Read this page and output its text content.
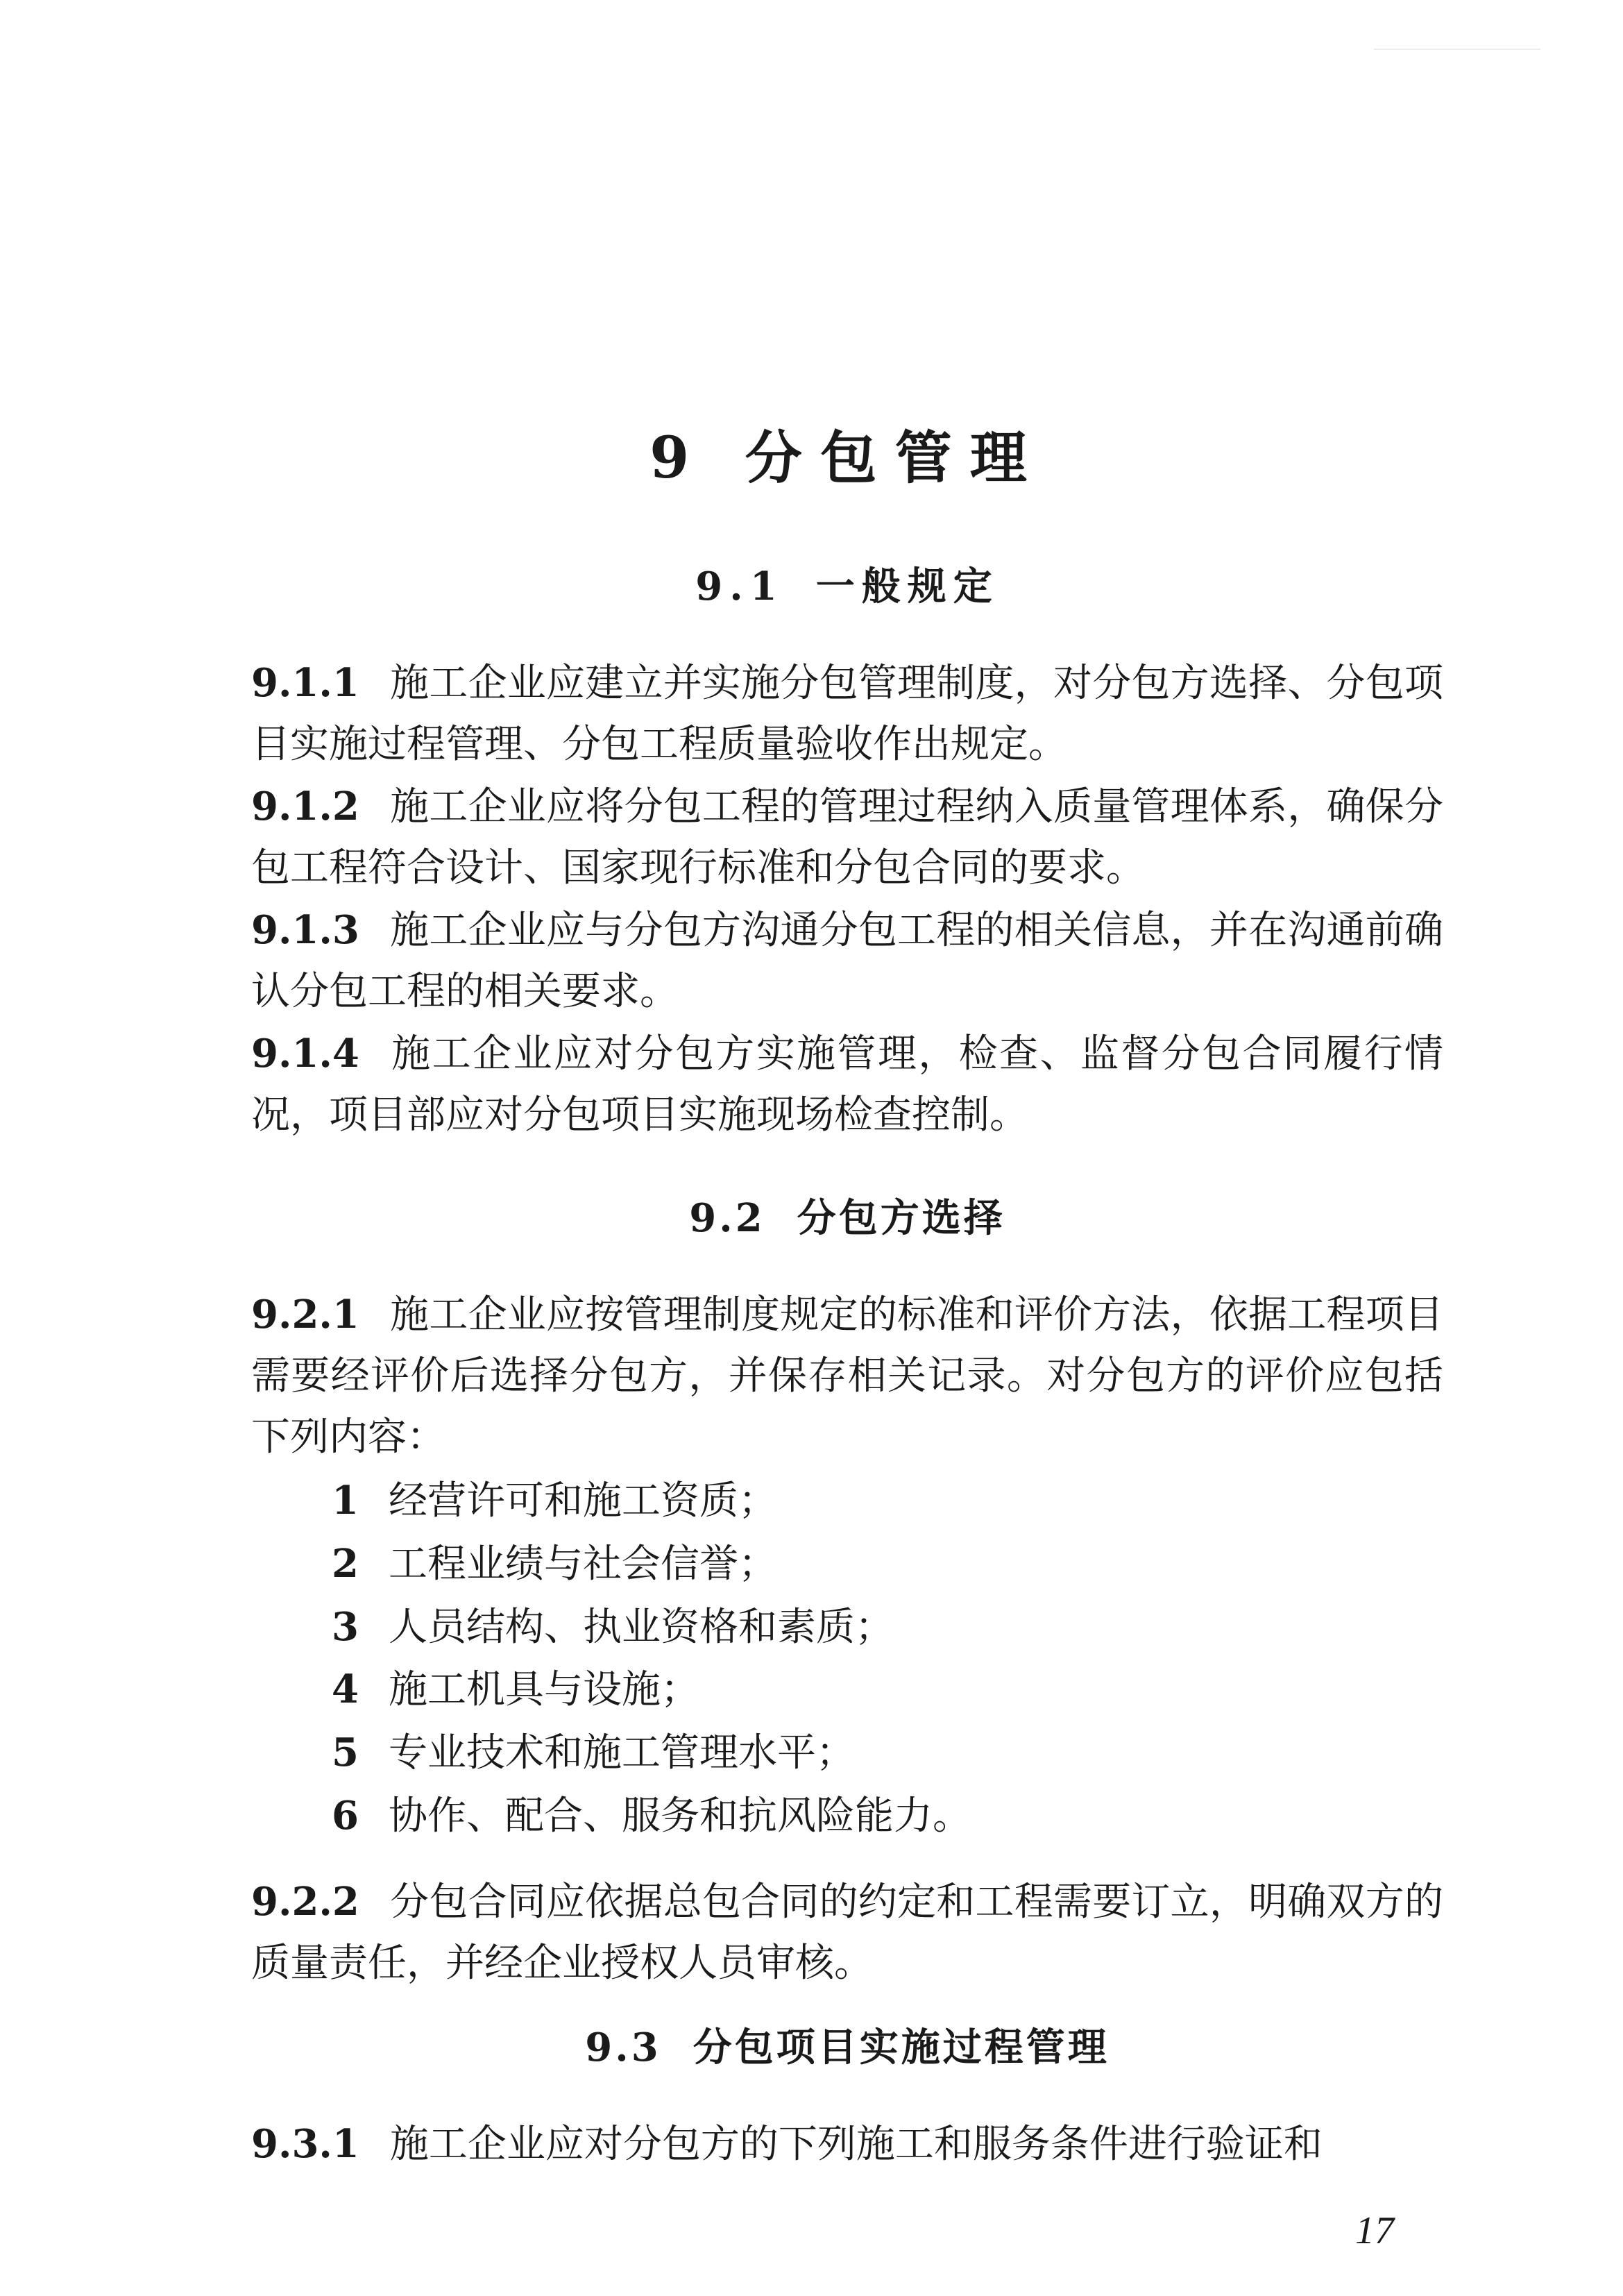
9 分包管理
9.1 一般规定
9.1.1 施工企业应建立并实施分包管理制度，对分包方选择、分包项目实施过程管理、分包工程质量验收作出规定。
9.1.2 施工企业应将分包工程的管理过程纳入质量管理体系，确保分包工程符合设计、国家现行标准和分包合同的要求。
9.1.3 施工企业应与分包方沟通分包工程的相关信息，并在沟通前确认分包工程的相关要求。
9.1.4 施工企业应对分包方实施管理，检查、监督分包合同履行情况，项目部应对分包项目实施现场检查控制。
9.2 分包方选择
9.2.1 施工企业应按管理制度规定的标准和评价方法，依据工程项目需要经评价后选择分包方，并保存相关记录。对分包方的评价应包括下列内容：
1 经营许可和施工资质；
2 工程业绩与社会信誉；
3 人员结构、执业资格和素质；
4 施工机具与设施；
5 专业技术和施工管理水平；
6 协作、配合、服务和抗风险能力。
9.2.2 分包合同应依据总包合同的约定和工程需要订立，明确双方的质量责任，并经企业授权人员审核。
9.3 分包项目实施过程管理
9.3.1 施工企业应对分包方的下列施工和服务条件进行验证和
17
